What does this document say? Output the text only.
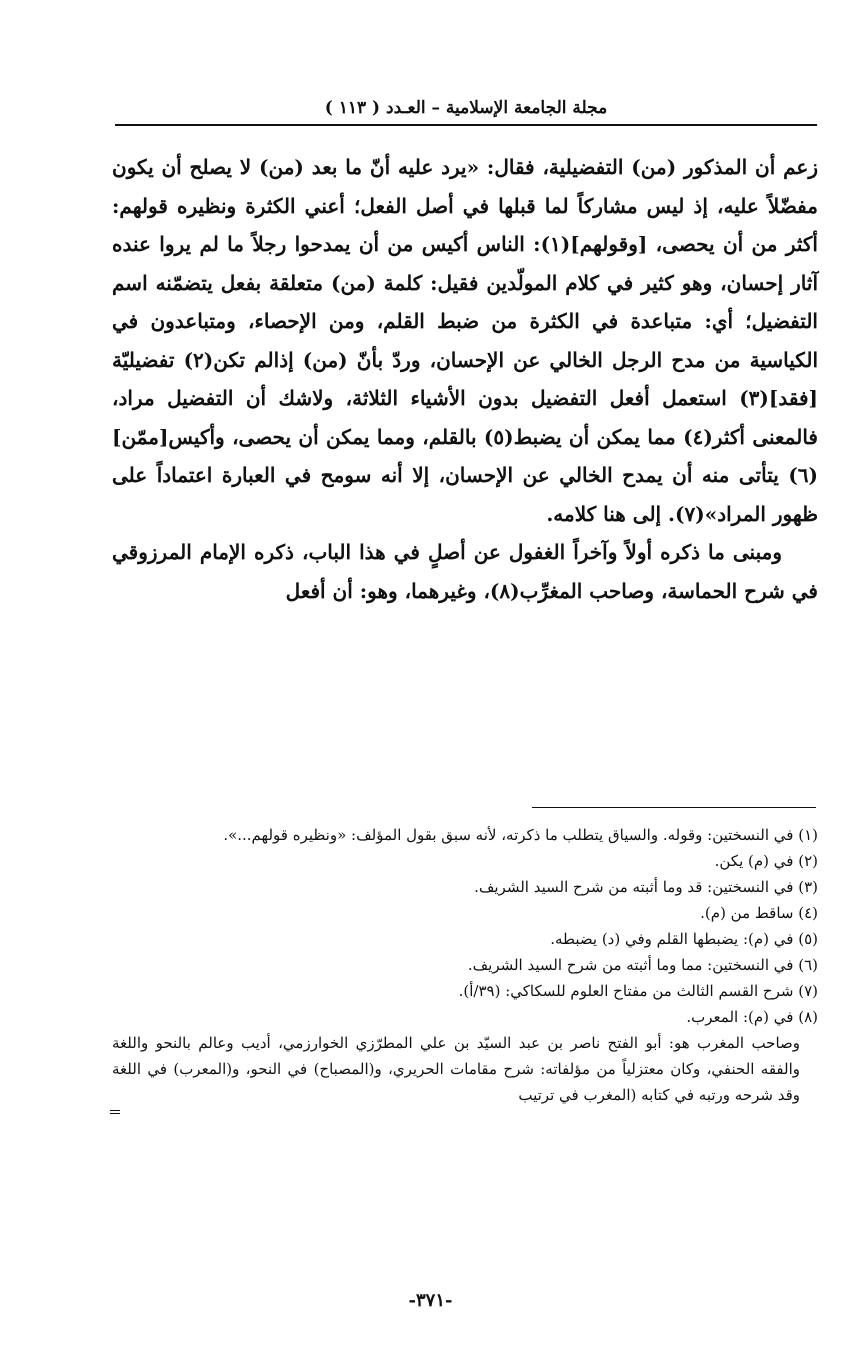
مجلة الجامعة الإسلامية – العـدد ( ١١٣ )

زعم أن المذكور (من) التفضيلية، فقال: «يرد عليه أنّ ما بعد (من) لا يصلح أن يكون مفضّلاً عليه، إذ ليس مشاركاً لما قبلها في أصل الفعل؛ أعني الكثرة ونظيره قولهم: أكثر من أن يحصى، [وقولهم](١): الناس أكيس من أن يمدحوا رجلاً ما لم يروا عنده آثار إحسان، وهو كثير في كلام المولّدين فقيل: كلمة (من) متعلقة بفعل يتضمّنه اسم التفضيل؛ أي: متباعدة في الكثرة من ضبط القلم، ومن الإحصاء، ومتباعدون في الكياسية من مدح الرجل الخالي عن الإحسان، وردّ بأنّ (من) إذالم تكن(٢) تفضيليّة [فقد](٣) استعمل أفعل التفضيل بدون الأشياء الثلاثة، ولاشك أن التفضيل مراد، فالمعنى أكثر(٤) مما يمكن أن يضبط(٥) بالقلم، ومما يمكن أن يحصى، وأكيس[ممّن](٦) يتأتى منه أن يمدح الخالي عن الإحسان، إلا أنه سومح في العبارة اعتماداً على ظهور المراد»(٧). إلى هنا كلامه.

ومبنى ما ذكره أولاً وآخراً الغفول عن أصلٍ في هذا الباب، ذكره الإمام المرزوقي في شرح الحماسة، وصاحب المغرِّب(٨)، وغيرهما، وهو: أن أفعل

(١) في النسختين: وقوله. والسياق يتطلب ما ذكرته، لأنه سبق بقول المؤلف: «ونظيره قولهم...».

(٢) في (م) يكن.

(٣) في النسختين: قد وما أثبته من شرح السيد الشريف.

(٤) ساقط من (م).

(٥) في (م): يضبطها القلم وفي (د) يضبطه.

(٦) في النسختين: مما وما أثبته من شرح السيد الشريف.

(٧) شرح القسم الثالث من مفتاح العلوم للسكاكي: (٣٩/أ).

(٨) في (م): المعرب.

وصاحب المغرب هو: أبو الفتح ناصر بن عبد السيّد بن علي المطرّزي الخوارزمي، أديب وعالم بالنحو واللغة والفقه الحنفي، وكان معتزلياً من مؤلفاته: شرح مقامات الحريري، و(المصباح) في النحو، و(المعرب) في اللغة وقد شرحه ورتبه في كتابه (المغرب في ترتيب

-٣٧١-
